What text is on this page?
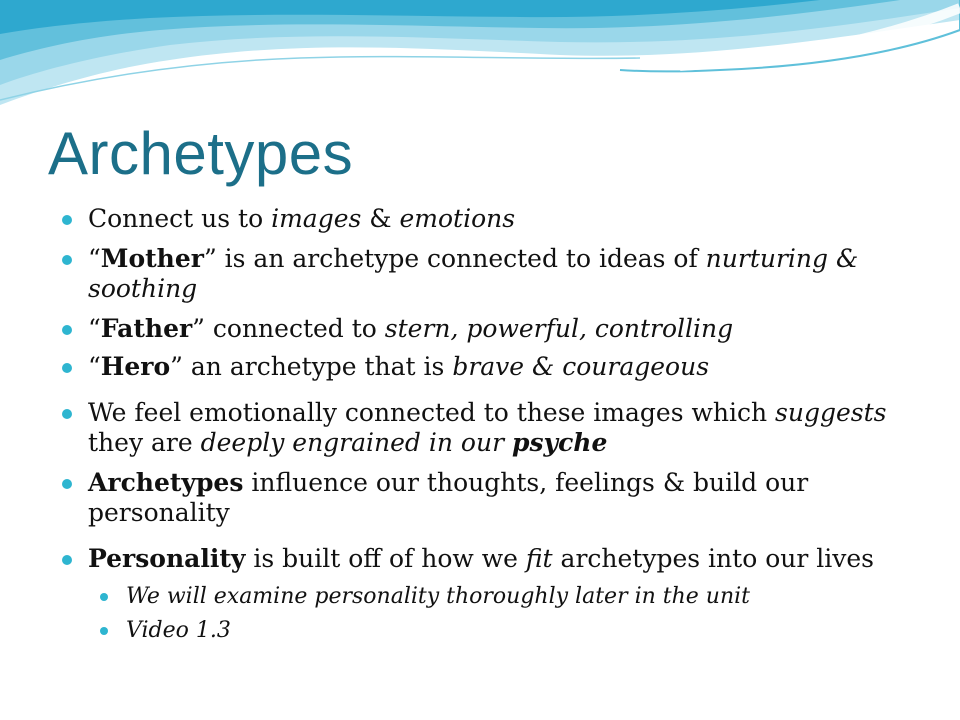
Archetypes
Connect us to images & emotions
“Mother” is an archetype connected to ideas of nurturing & soothing
“Father” connected to stern, powerful, controlling
“Hero” an archetype that is brave & courageous
We feel emotionally connected to these images which suggests they are deeply engrained in our psyche
Archetypes influence our thoughts, feelings & build our personality
Personality is built off of how we fit archetypes into our lives
We will examine personality thoroughly later in the unit
Video 1.3
